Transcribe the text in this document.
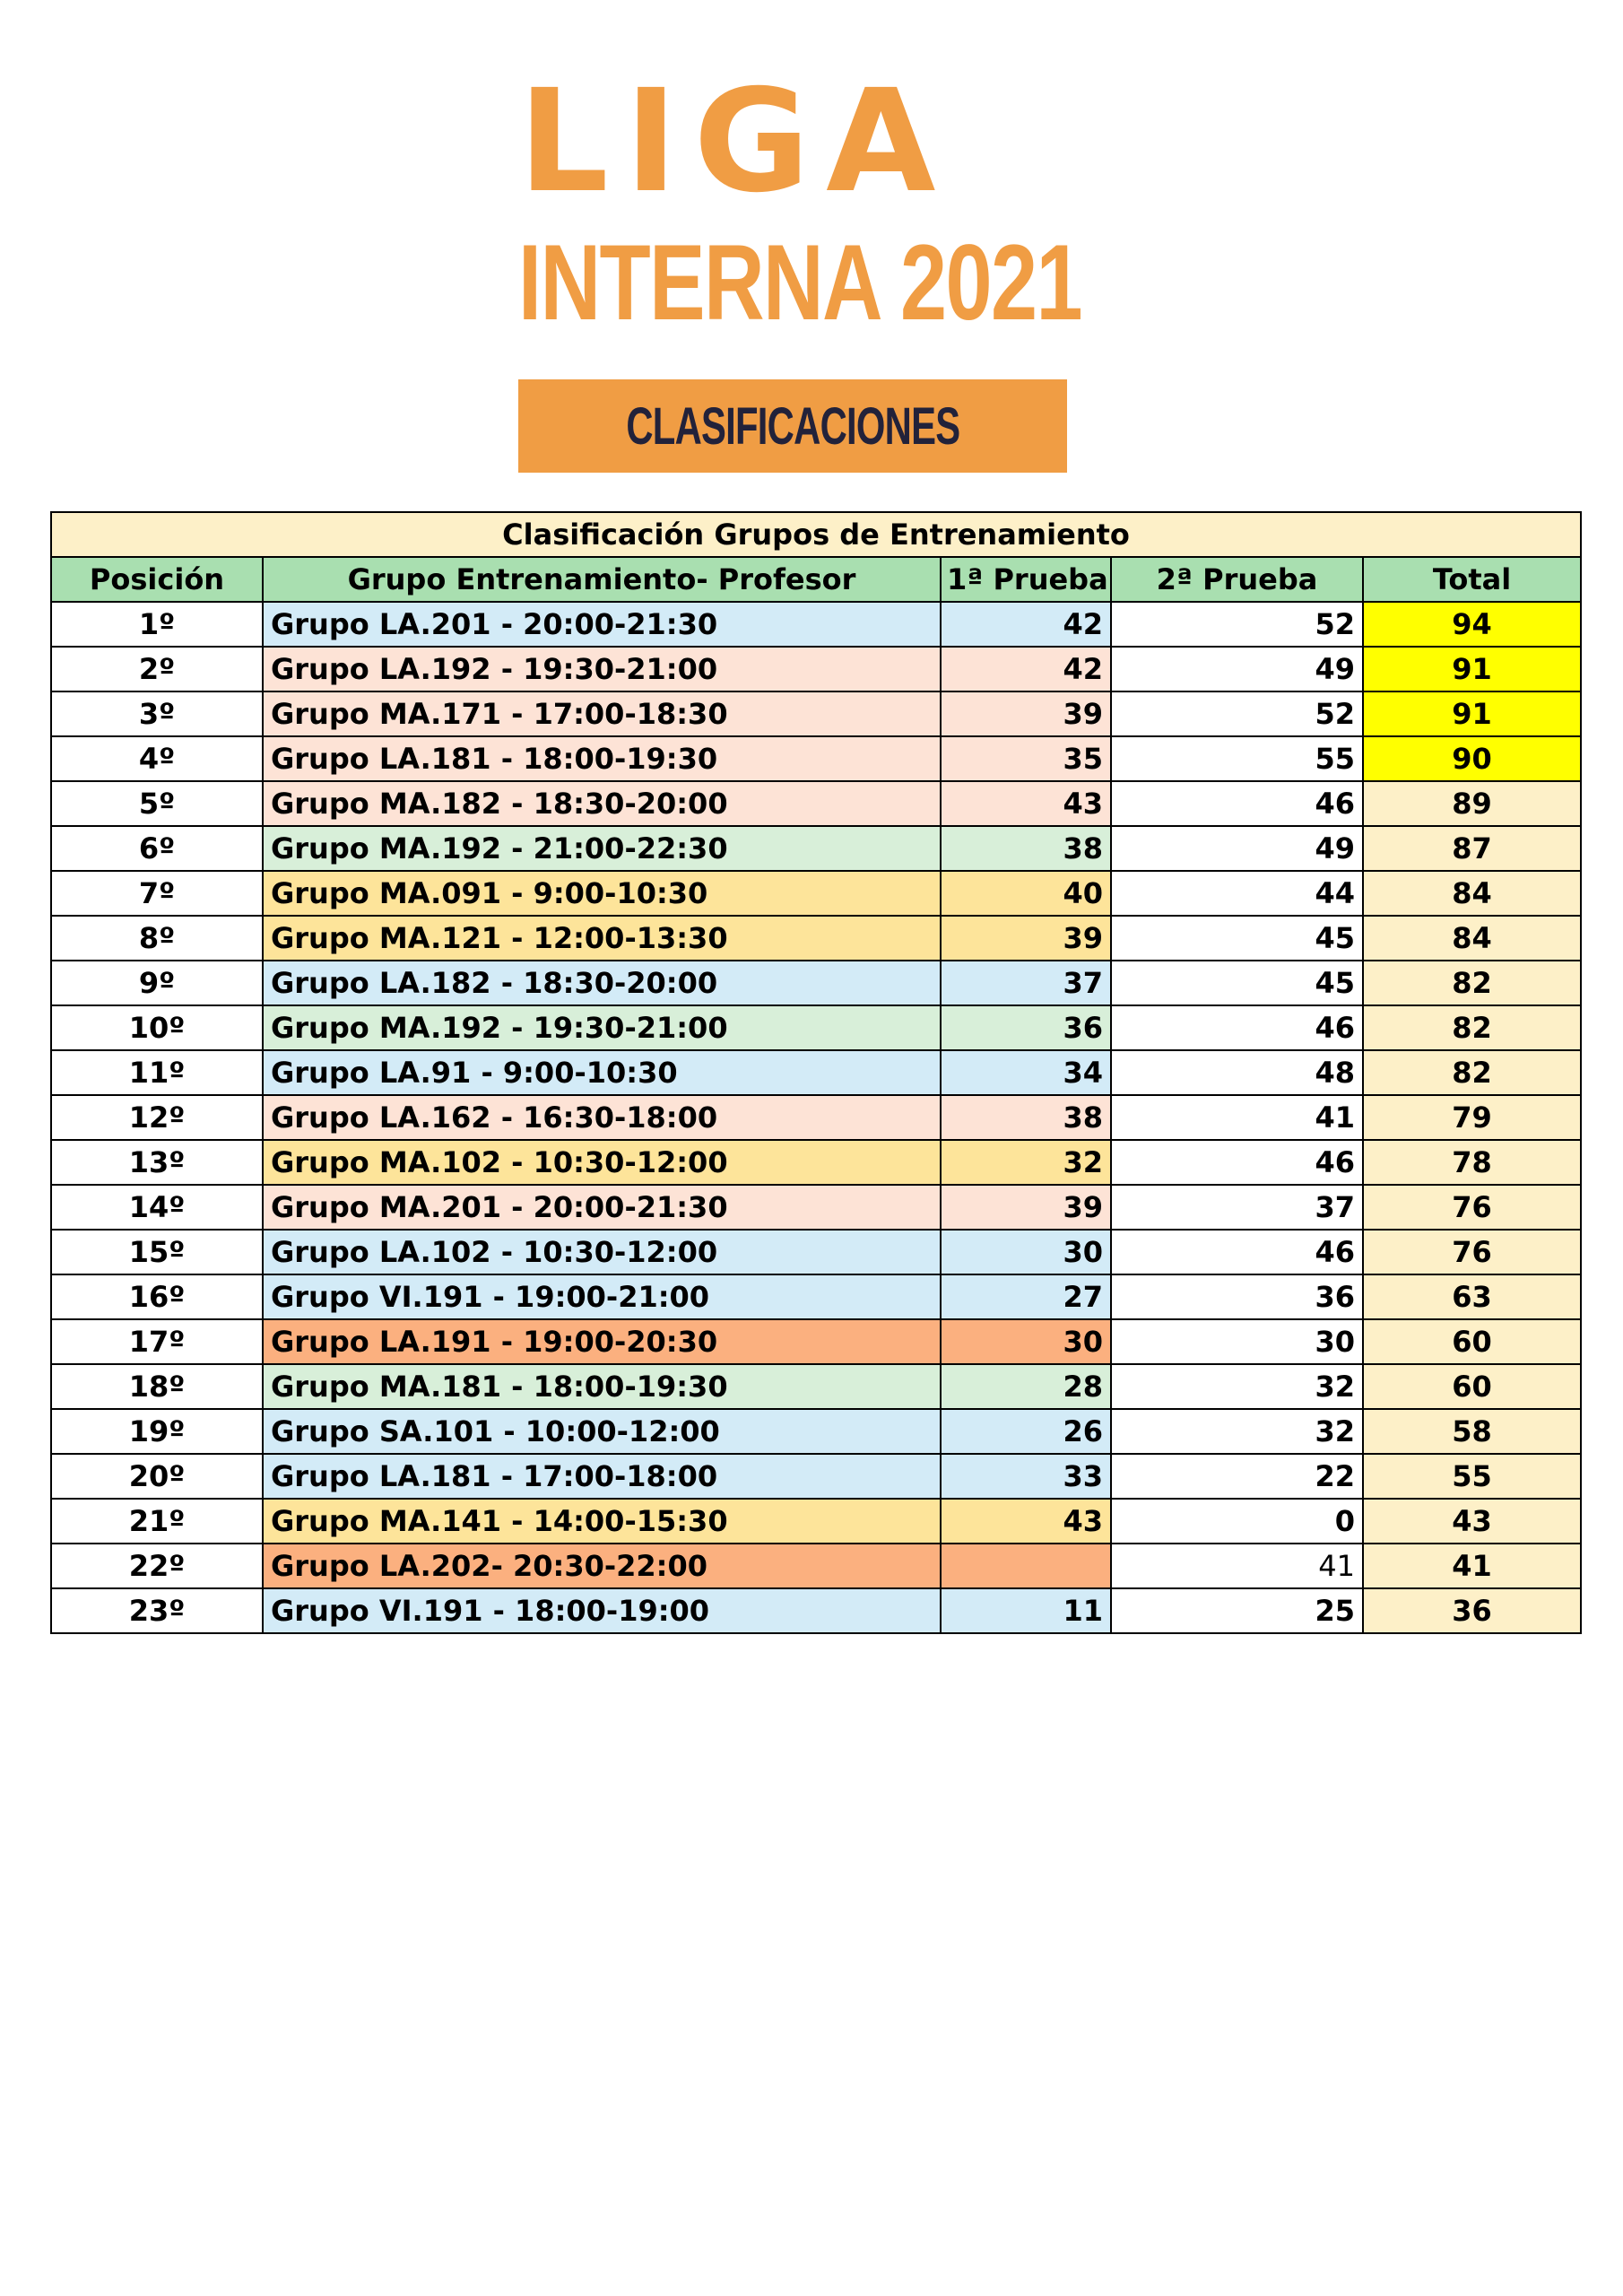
LIGA
INTERNA 2021
CLASIFICACIONES
Clasificación Grupos de Entrenamiento				
Posición	Grupo Entrenamiento- Profesor	1ª Prueba	2ª Prueba	Total
1º	Grupo LA.201 - 20:00-21:30	42	52	94
2º	Grupo LA.192 - 19:30-21:00	42	49	91
3º	Grupo MA.171 - 17:00-18:30	39	52	91
4º	Grupo LA.181 - 18:00-19:30	35	55	90
5º	Grupo MA.182 - 18:30-20:00	43	46	89
6º	Grupo MA.192 - 21:00-22:30	38	49	87
7º	Grupo MA.091 - 9:00-10:30	40	44	84
8º	Grupo MA.121 - 12:00-13:30	39	45	84
9º	Grupo LA.182 - 18:30-20:00	37	45	82
10º	Grupo MA.192 - 19:30-21:00	36	46	82
11º	Grupo LA.91 - 9:00-10:30	34	48	82
12º	Grupo LA.162 - 16:30-18:00	38	41	79
13º	Grupo MA.102 - 10:30-12:00	32	46	78
14º	Grupo MA.201 - 20:00-21:30	39	37	76
15º	Grupo LA.102 - 10:30-12:00	30	46	76
16º	Grupo VI.191 - 19:00-21:00	27	36	63
17º	Grupo LA.191 - 19:00-20:30	30	30	60
18º	Grupo MA.181 - 18:00-19:30	28	32	60
19º	Grupo SA.101 - 10:00-12:00	26	32	58
20º	Grupo LA.181 - 17:00-18:00	33	22	55
21º	Grupo MA.141 - 14:00-15:30	43	0	43
22º	Grupo LA.202- 20:30-22:00		41	41
23º	Grupo VI.191 - 18:00-19:00	11	25	36
